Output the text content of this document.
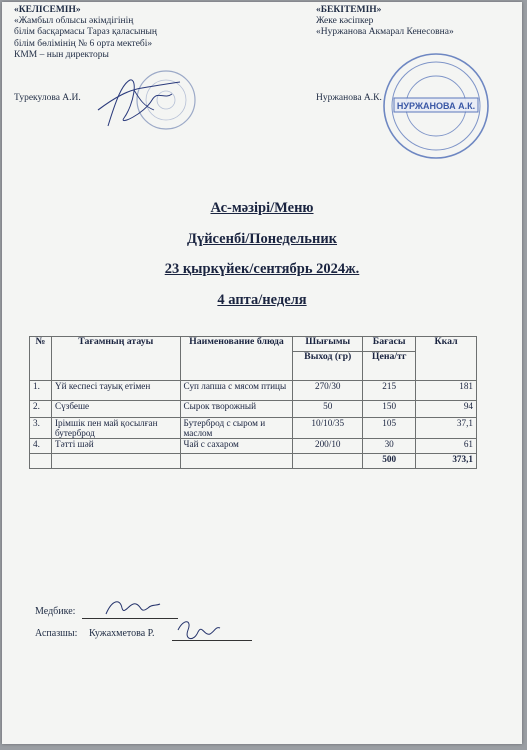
«КЕЛІСЕМІН»
«Жамбыл облысы әкімдігінің
білім басқармасы Тараз қаласының
білім бөлімінің № 6 орта мектебі»
КММ – нын директоры
Турекулова А.И.
«БЕКІТЕМІН»
Жеке кәсіпкер
«Нуржанова Акмарал Кенесовна»
Нуржанова А.К.
НУРЖАНОВА А.К.
Ас-мәзірі/Меню
Дүйсенбі/Понедельник
23 қыркүйек/сентябрь 2024ж.
4 апта/неделя
№	Тағамның атауы	Наименование блюда	Шығымы	Бағасы	Ккал
			Выход (гр)	Цена/тг	
1.	Үй кеспесі тауық етімен	Суп лапша с мясом птицы	270/30	215	181
2.	Сүзбеше	Сырок творожный	50	150	94
3.	Ірімшік пен май қосылған бутерброд	Бутерброд с сыром и маслом	10/10/35	105	37,1
4.	Тәтті шәй	Чай с сахаром	200/10	30	61
				500	373,1
Медбике:
Аспазшы: Кужахметова Р.
